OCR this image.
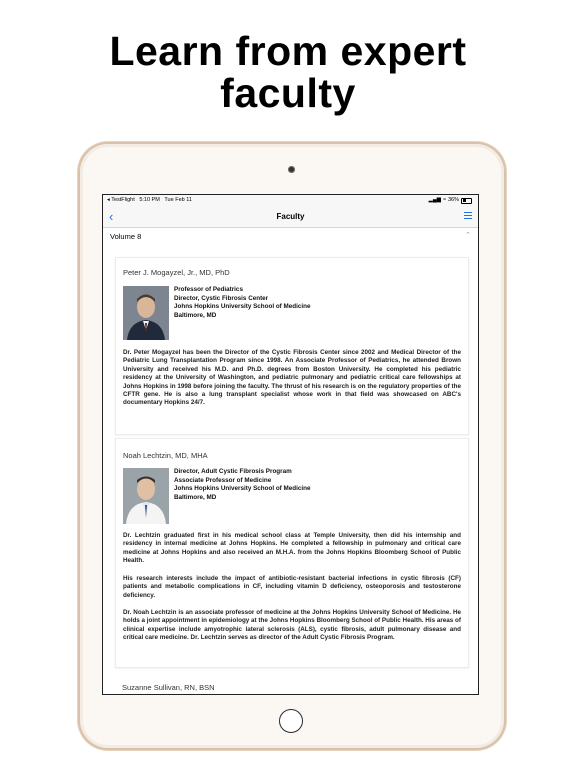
Learn from expert
faculty
◂ TestFlight 5:10 PM Tue Feb 11	▂▄▆ ≈ 36%
‹	Faculty
Volume 8	⌃
Peter J. Mogayzel, Jr., MD, PhD
Professor of Pediatrics
Director, Cystic Fibrosis Center
Johns Hopkins University School of Medicine
Baltimore, MD

Dr. Peter Mogayzel has been the Director of the Cystic Fibrosis Center since 2002 and Medical Director of the Pediatric Lung Transplantation Program since 1998. An Associate Professor of Pediatrics, he attended Brown University and received his M.D. and Ph.D. degrees from Boston University. He completed his pediatric residency at the University of Washington, and pediatric pulmonary and pediatric critical care fellowships at Johns Hopkins in 1998 before joining the faculty. The thrust of his research is on the regulatory properties of the CFTR gene. He is also a lung transplant specialist whose work in that field was showcased on ABC's documentary Hopkins 24/7.

Noah Lechtzin, MD, MHA
Director, Adult Cystic Fibrosis Program
Associate Professor of Medicine
Johns Hopkins University School of Medicine
Baltimore, MD

Dr. Lechtzin graduated first in his medical school class at Temple University, then did his internship and residency in internal medicine at Johns Hopkins. He completed a fellowship in pulmonary and critical care medicine at Johns Hopkins and also received an M.H.A. from the Johns Hopkins Bloomberg School of Public Health.

His research interests include the impact of antibiotic-resistant bacterial infections in cystic fibrosis (CF) patients and metabolic complications in CF, including vitamin D deficiency, osteoporosis and testosterone deficiency.

Dr. Noah Lechtzin is an associate professor of medicine at the Johns Hopkins University School of Medicine. He holds a joint appointment in epidemiology at the Johns Hopkins Bloomberg School of Public Health. His areas of clinical expertise include amyotrophic lateral sclerosis (ALS), cystic fibrosis, adult pulmonary disease and critical care medicine. Dr. Lechtzin serves as director of the Adult Cystic Fibrosis Program.

Suzanne Sullivan, RN, BSN
